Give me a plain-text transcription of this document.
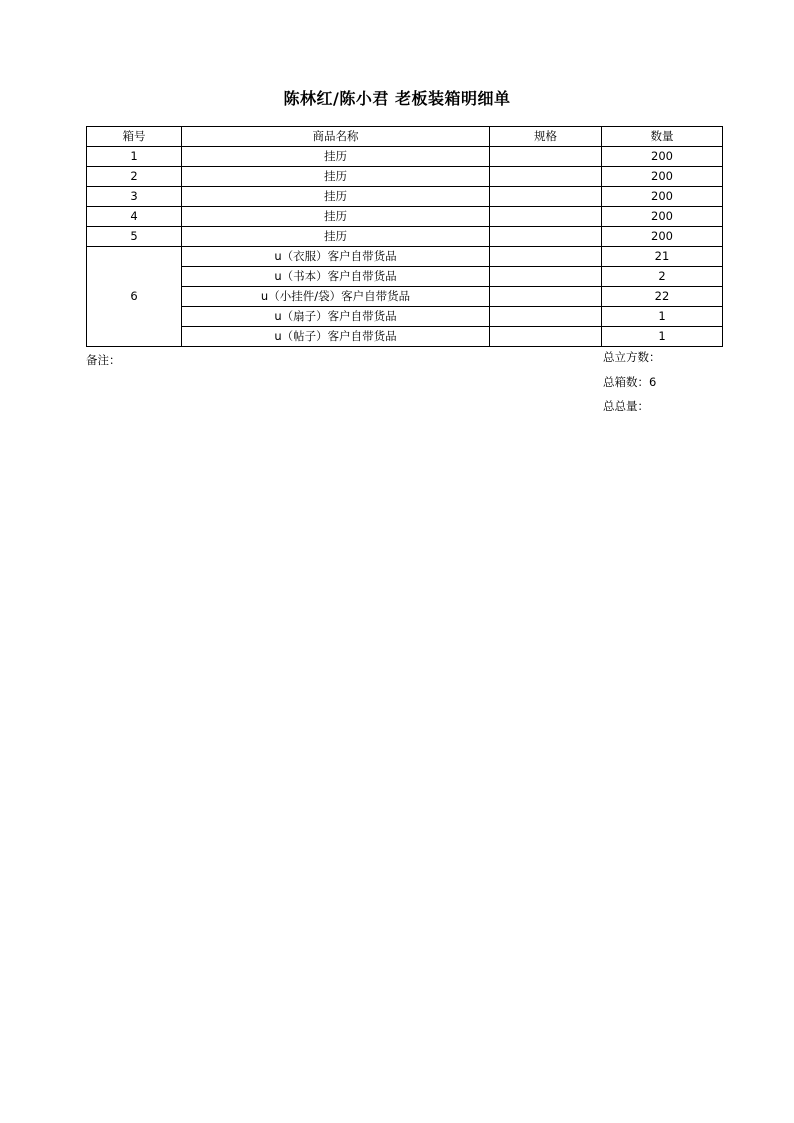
陈林红/陈小君 老板装箱明细单
箱号	商品名称	规格	数量
1	挂历		200
2	挂历		200
3	挂历		200
4	挂历		200
5	挂历		200
6	u（衣服）客户自带货品		21
	u（书本）客户自带货品		2
	u（小挂件/袋）客户自带货品		22
	u（扇子）客户自带货品		1
	u（帖子）客户自带货品		1
备注：	总立方数：
总箱数：6
总总量：
